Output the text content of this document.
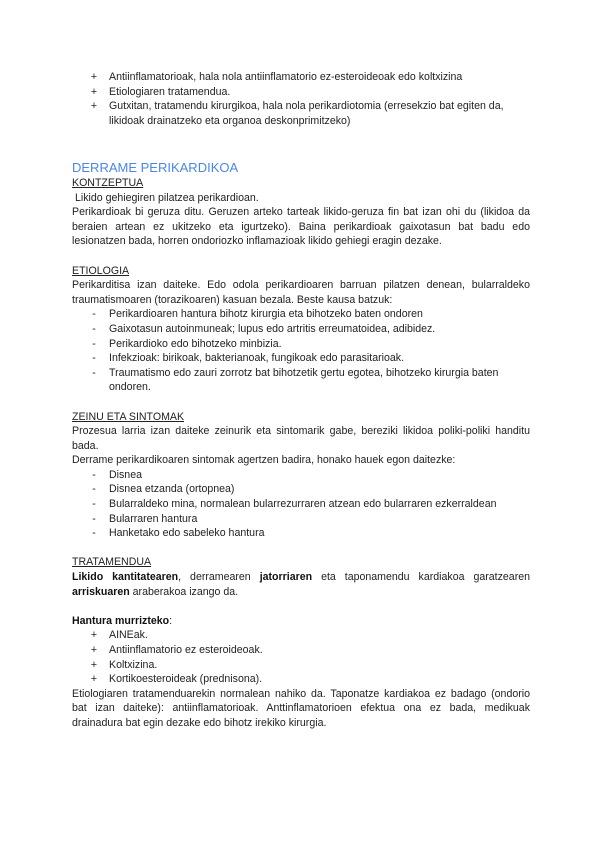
+ Antiinflamatorioak, hala nola antiinflamatorio ez-esteroideoak edo koltxizina
+ Etiologiaren tratamendua.
+ Gutxitan, tratamendu kirurgikoa, hala nola perikardiotomia (erresekzio bat egiten da, likidoak drainatzeko eta organoa deskonprimitzeko)
DERRAME PERIKARDIKOA

KONTZEPTUA

Likido gehiegiren pilatzea perikardioan.

Perikardioak bi geruza ditu. Geruzen arteko tarteak likido-geruza fin bat izan ohi du (likidoa da beraien artean ez ukitzeko eta igurtzeko). Baina perikardioak gaixotasun bat badu edo lesionatzen bada, horren ondoriozko inflamazioak likido gehiegi eragin dezake.

ETIOLOGIA

Perikarditisa izan daiteke. Edo odola perikardioaren barruan pilatzen denean, bularraldeko traumatismoaren (torazikoaren) kasuan bezala. Beste kausa batzuk:

-	Perikardioaren hantura bihotz kirurgia eta bihotzeko baten ondoren
-	Gaixotasun autoinmuneak; lupus edo artritis erreumatoidea, adibidez.
-	Perikardioko edo bihotzeko minbizia.
-	Infekzioak: birikoak, bakterianoak, fungikoak edo parasitarioak.
-	Traumatismo edo zauri zorrotz bat bihotzetik gertu egotea, bihotzeko kirurgia baten ondoren.

ZEINU ETA SINTOMAK

Prozesua larria izan daiteke zeinurik eta sintomarik gabe, bereziki likidoa poliki-poliki handitu bada.

Derrame perikardikoaren sintomak agertzen badira, honako hauek egon daitezke:

-	Disnea
-	Disnea etzanda (ortopnea)
-	Bularraldeko mina, normalean bularrezurraren atzean edo bularraren ezkerraldean
-	Bularraren hantura
-	Hanketako edo sabeleko hantura

TRATAMENDUA

Likido kantitatearen, derramearen jatorriaren eta taponamendu kardiakoa garatzearen arriskuaren araberakoa izango da.

Hantura murrizteko:

+ AINEak.
+ Antiinflamatorio ez esteroideoak.
+ Koltxizina.
+ Kortikoesteroideak (prednisona).

Etiologiaren tratamenduarekin normalean nahiko da. Taponatze kardiakoa ez badago (ondorio bat izan daiteke): antiinflamatorioak. Anttinflamatorioen efektua ona ez bada, medikuak drainadura bat egin dezake edo bihotz irekiko kirurgia.
